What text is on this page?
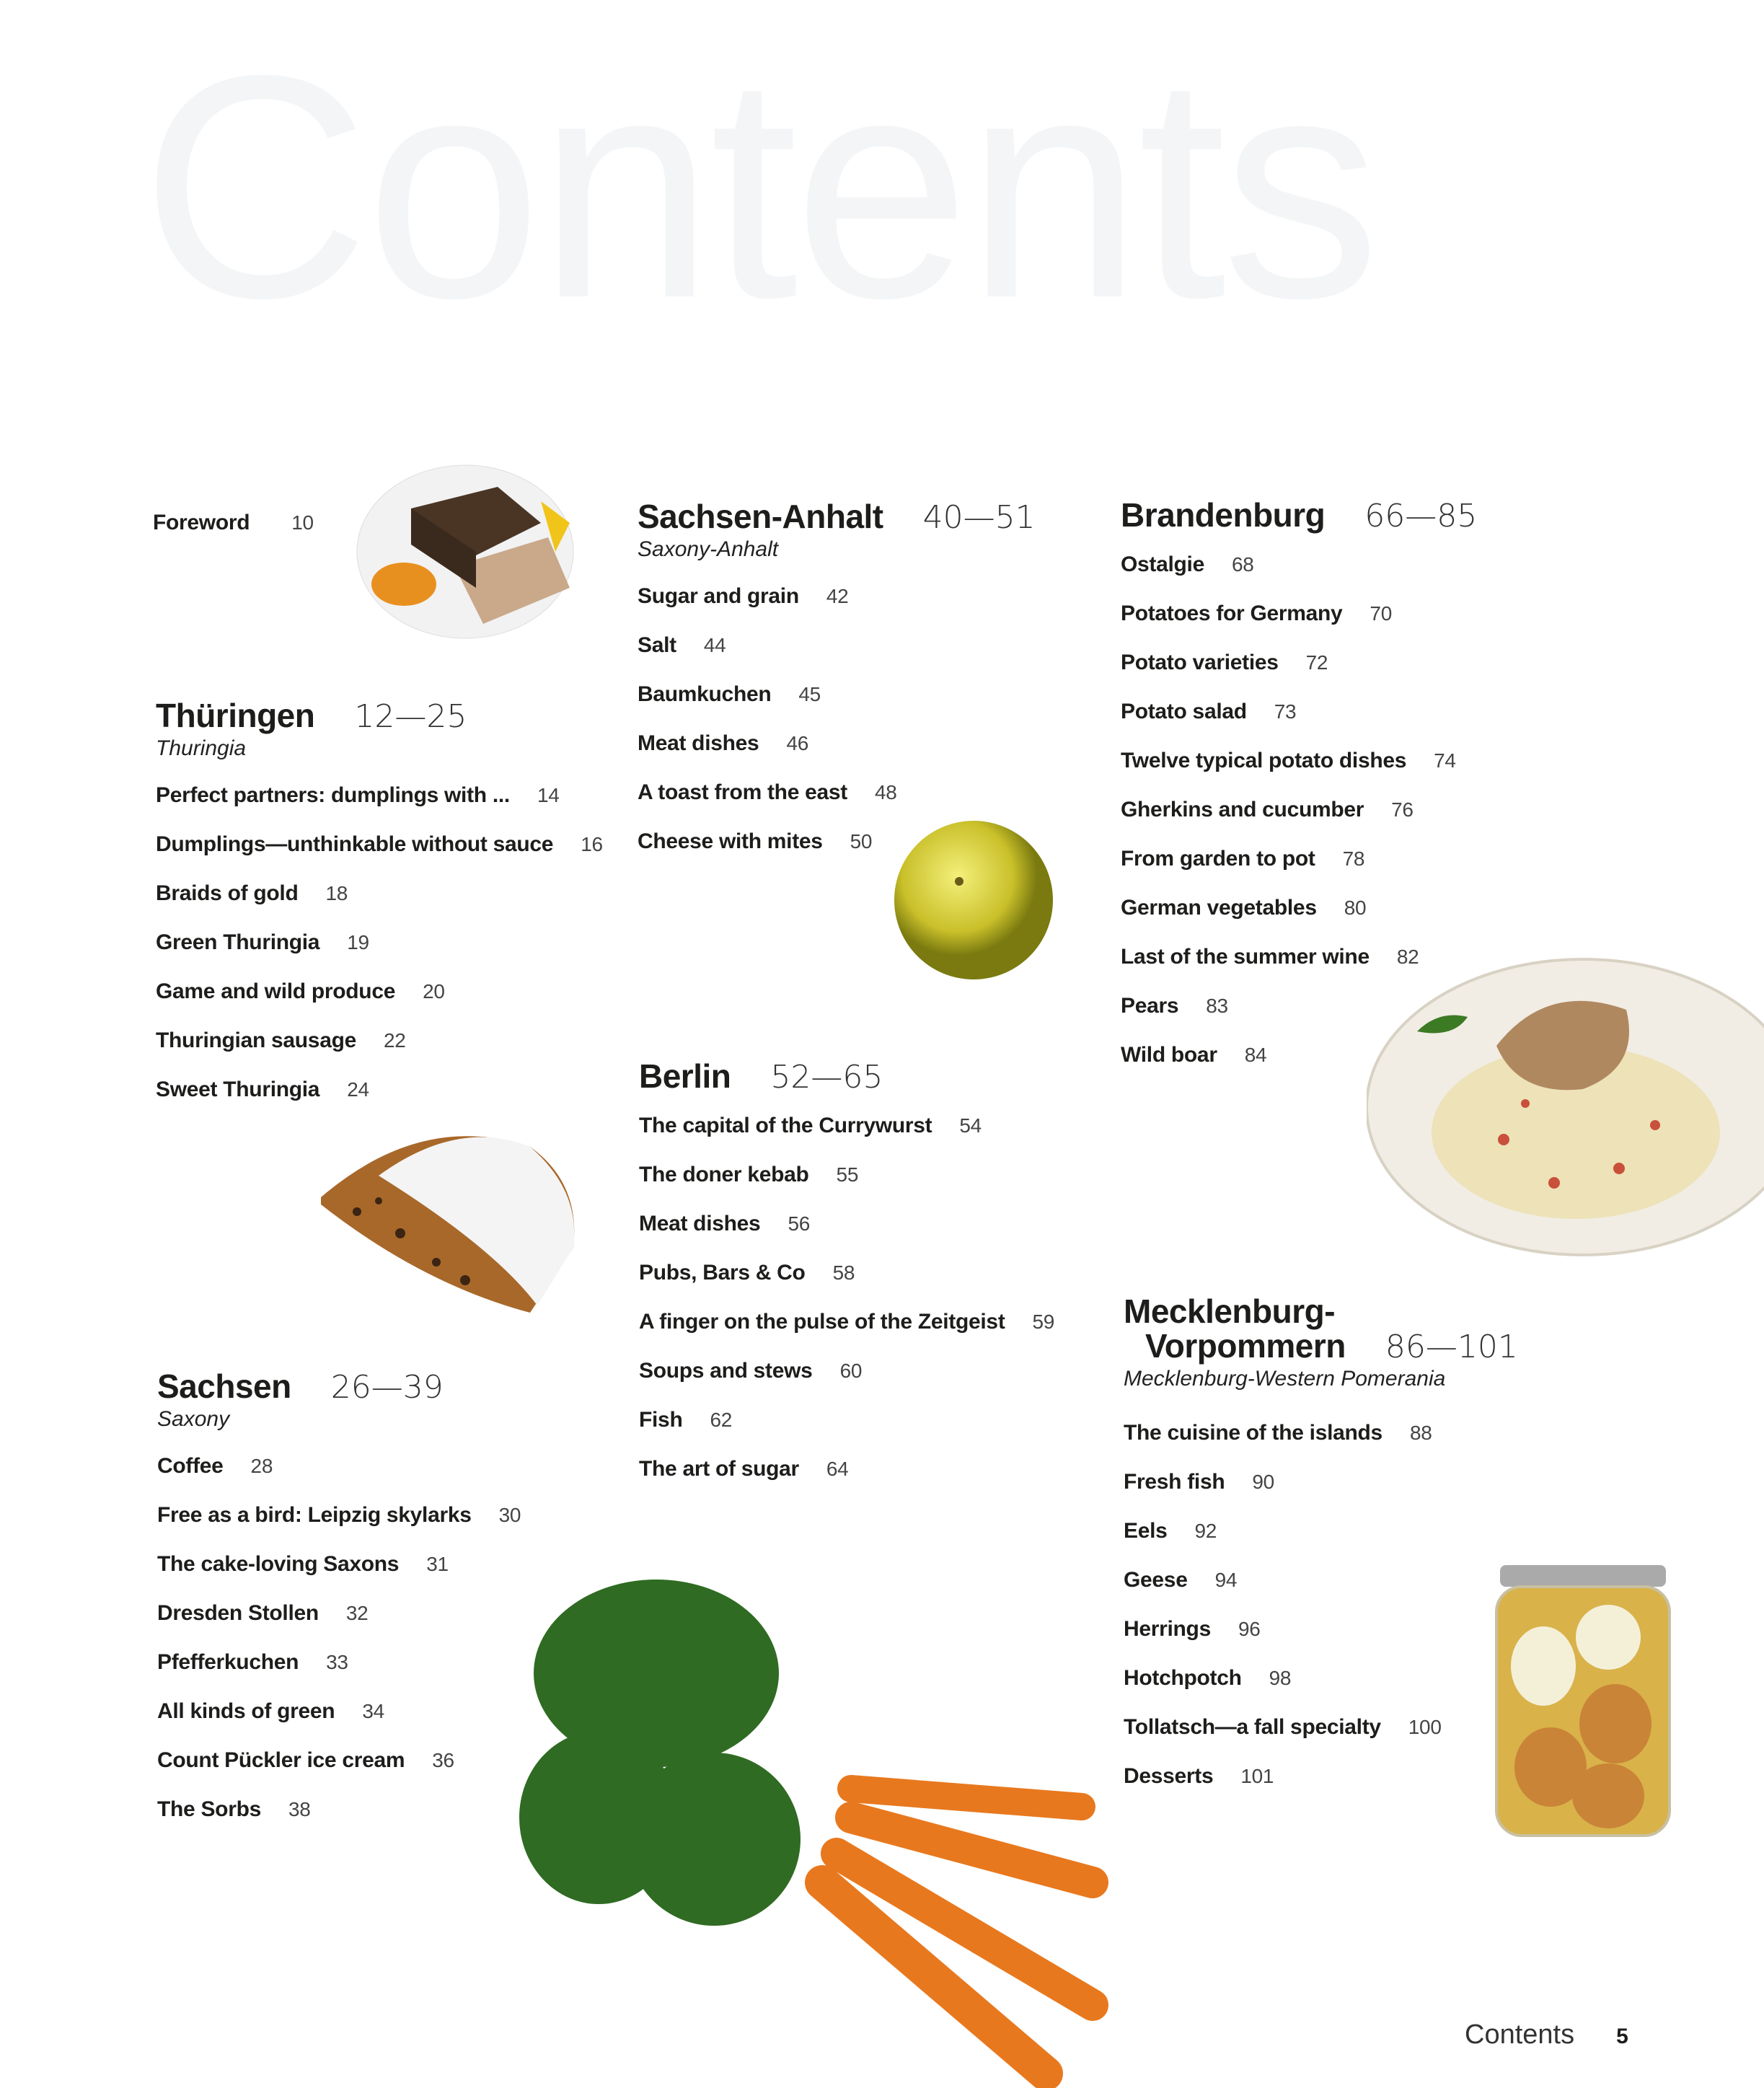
Contents
Foreword 10
Thüringen 12—25
Thuringia
Perfect partners: dumplings with ... 14
Dumplings—unthinkable without sauce 16
Braids of gold 18
Green Thuringia 19
Game and wild produce 20
Thuringian sausage 22
Sweet Thuringia 24
Sachsen 26—39
Saxony
Coffee 28
Free as a bird: Leipzig skylarks 30
The cake-loving Saxons 31
Dresden Stollen 32
Pfefferkuchen 33
All kinds of green 34
Count Pückler ice cream 36
The Sorbs 38
Sachsen-Anhalt 40—51
Saxony-Anhalt
Sugar and grain 42
Salt 44
Baumkuchen 45
Meat dishes 46
A toast from the east 48
Cheese with mites 50
Berlin 52—65
The capital of the Currywurst 54
The doner kebab 55
Meat dishes 56
Pubs, Bars & Co 58
A finger on the pulse of the Zeitgeist 59
Soups and stews 60
Fish 62
The art of sugar 64
Brandenburg 66—85
Ostalgie 68
Potatoes for Germany 70
Potato varieties 72
Potato salad 73
Twelve typical potato dishes 74
Gherkins and cucumber 76
From garden to pot 78
German vegetables 80
Last of the summer wine 82
Pears 83
Wild boar 84
Mecklenburg-
Vorpommern 86—101
Mecklenburg-Western Pomerania
The cuisine of the islands 88
Fresh fish 90
Eels 92
Geese 94
Herrings 96
Hotchpotch 98
Tollatsch—a fall specialty 100
Desserts 101
Contents 5
